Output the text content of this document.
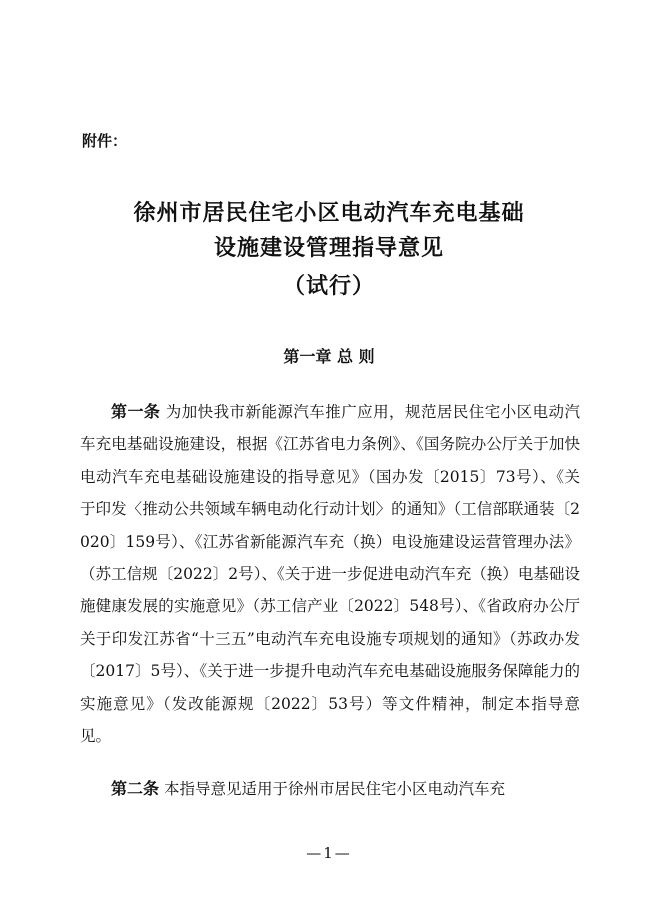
附件：
徐州市居民住宅小区电动汽车充电基础
设施建设管理指导意见
（试行）
第一章 总 则

第一条 为加快我市新能源汽车推广应用，规范居民住宅小区电动汽车充电基础设施建设，根据《江苏省电力条例》、《国务院办公厅关于加快电动汽车充电基础设施建设的指导意见》（国办发〔2015〕73号）、《关于印发〈推动公共领域车辆电动化行动计划〉的通知》（工信部联通装〔2020〕159号）、《江苏省新能源汽车充（换）电设施建设运营管理办法》（苏工信规〔2022〕2号）、《关于进一步促进电动汽车充（换）电基础设施健康发展的实施意见》（苏工信产业〔2022〕548号）、《省政府办公厅关于印发江苏省“十三五”电动汽车充电设施专项规划的通知》（苏政办发〔2017〕5号）、《关于进一步提升电动汽车充电基础设施服务保障能力的实施意见》（发改能源规〔2022〕53号）等文件精神，制定本指导意见。

第二条 本指导意见适用于徐州市居民住宅小区电动汽车充

—1—
